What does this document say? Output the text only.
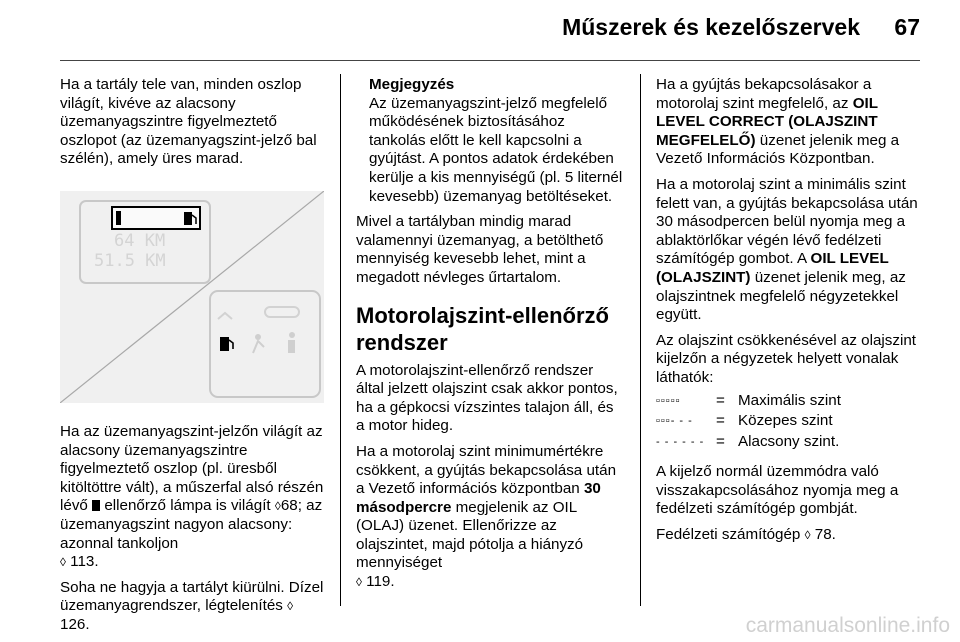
Műszerek és kezelőszervek	67

Ha a tartály tele van, minden oszlop világít, kivéve az alacsony üzemanyagszintre figyelmeztető oszlopot (az üzemanyagszint-jelző bal szélén), amely üres marad.

64 KM
51.5 KM

Ha az üzemanyagszint-jelzőn világít az alacsony üzemanyagszintre figyelmeztető oszlop (pl. üresből kitöltöttre vált), a műszerfal alsó részén lévő ellenőrző lámpa is világít ◊68; az üzemanyagszint nagyon alacsony: azonnal tankoljon
◊ 113.

Soha ne hagyja a tartályt kiürülni. Dízel üzemanyagrendszer, légtelenítés ◊ 126.

Megjegyzés

Az üzemanyagszint-jelző megfelelő működésének biztosításához tankolás előtt le kell kapcsolni a gyújtást. A pontos adatok érdekében kerülje a kis mennyiségű (pl. 5 liternél kevesebb) üzemanyag betöltéseket.

Mivel a tartályban mindig marad valamennyi üzemanyag, a betölthető mennyiség kevesebb lehet, mint a megadott névleges űrtartalom.

Motorolajszint-ellenőrző rendszer

A motorolajszint-ellenőrző rendszer által jelzett olajszint csak akkor pontos, ha a gépkocsi vízszintes talajon áll, és a motor hideg.

Ha a motorolaj szint minimumértékre csökkent, a gyújtás bekapcsolása után a Vezető információs központban 30 másodpercre megjelenik az OIL (OLAJ) üzenet. Ellenőrizze az olajszintet, majd pótolja a hiányzó mennyiséget
◊ 119.

Ha a gyújtás bekapcsolásakor a motorolaj szint megfelelő, az OIL LEVEL CORRECT (OLAJSZINT MEGFELELŐ) üzenet jelenik meg a Vezető Információs Központban.

Ha a motorolaj szint a minimális szint felett van, a gyújtás bekapcsolása után 30 másodpercen belül nyomja meg a ablaktörlőkar végén lévő fedélzeti számítógép gombot. A OIL LEVEL (OLAJSZINT) üzenet jelenik meg, az olajszintnek megfelelő négyzetekkel együtt.

Az olajszint csökkenésével az olajszint kijelzőn a négyzetek helyett vonalak láthatók:

▫▫▫▫▫	=	Maximális szint
▫▫▫- - -	=	Közepes szint
- - - - - -	=	Alacsony szint.

A kijelző normál üzemmódra való visszakapcsolásához nyomja meg a fedélzeti számítógép gombját.

Fedélzeti számítógép ◊ 78.

carmanualsonline.info
